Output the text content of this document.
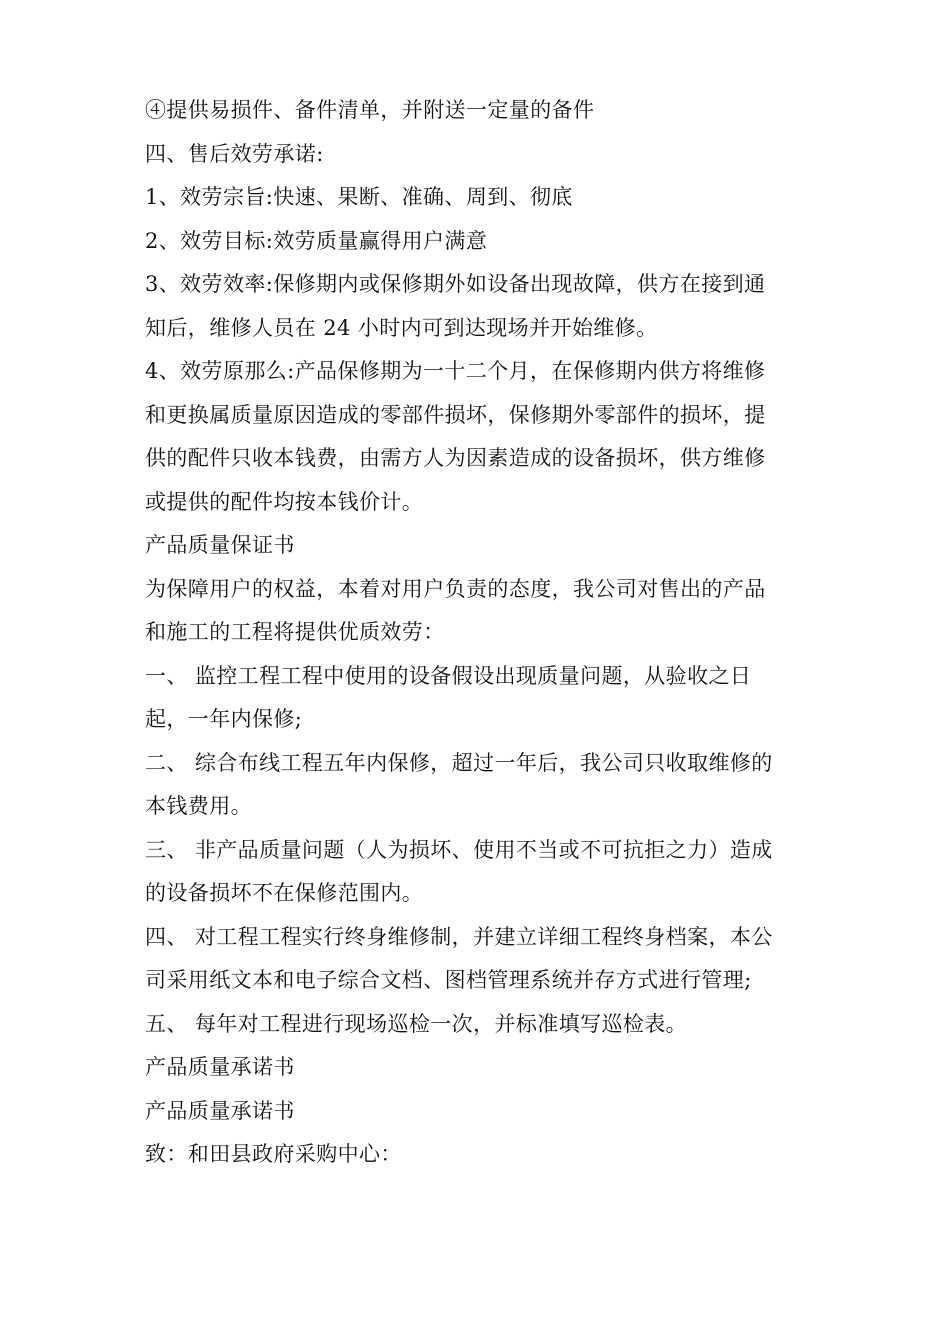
④提供易损件、备件清单，并附送一定量的备件
四、售后效劳承诺:
1、效劳宗旨:快速、果断、准确、周到、彻底
2、效劳目标:效劳质量赢得用户满意
3、效劳效率:保修期内或保修期外如设备出现故障，供方在接到通
知后，维修人员在 24 小时内可到达现场并开始维修。
4、效劳原那么:产品保修期为一十二个月，在保修期内供方将维修
和更换属质量原因造成的零部件损坏，保修期外零部件的损坏，提
供的配件只收本钱费，由需方人为因素造成的设备损坏，供方维修
或提供的配件均按本钱价计。
产品质量保证书
为保障用户的权益，本着对用户负责的态度，我公司对售出的产品
和施工的工程将提供优质效劳：
一、 监控工程工程中使用的设备假设出现质量问题，从验收之日
起，一年内保修;
二、 综合布线工程五年内保修，超过一年后，我公司只收取维修的
本钱费用。
三、 非产品质量问题（人为损坏、使用不当或不可抗拒之力）造成
的设备损坏不在保修范围内。
四、 对工程工程实行终身维修制，并建立详细工程终身档案，本公
司采用纸文本和电子综合文档、图档管理系统并存方式进行管理;
五、 每年对工程进行现场巡检一次，并标准填写巡检表。
产品质量承诺书
产品质量承诺书
致：和田县政府采购中心：
